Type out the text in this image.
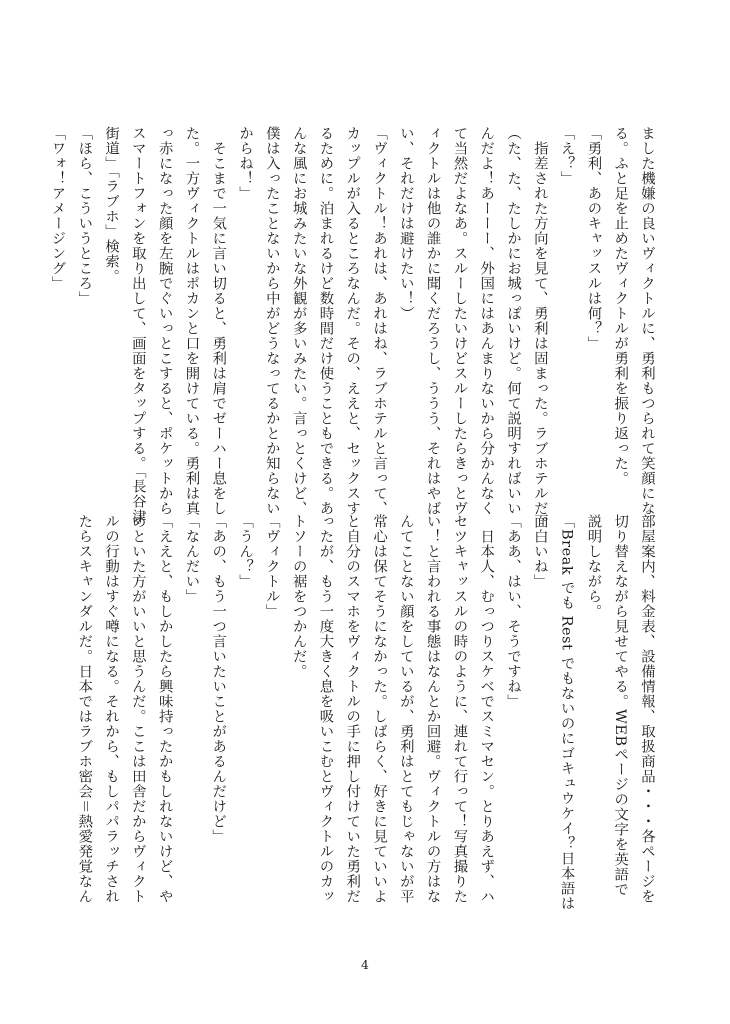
ました機嫌の良いヴィクトルに、勇利もつられて笑顔にな

る。ふと足を止めたヴィクトルが勇利を振り返った。

「勇利、あのキャッスルは何？」

「え？」

　指差された方向を見て、勇利は固まった。ラブホテルだ。

（た、た、たしかにお城っぽいけど。何て説明すればいい

んだよ！あーーー、外国にはあんまりないから分かんなく

て当然だよなあ。スルーしたいけどスルーしたらきっとヴ

ィクトルは他の誰かに聞くだろうし、ううう、それはやば

い、それだけは避けたい！）

「ヴィクトル！あれは、あれはね、ラブホテルと言って、

カップルが入るところなんだ。その、ええと、セックスす

るために。泊まれるけど数時間だけ使うこともできる。あ

んな風にお城みたいな外観が多いみたい。言っとくけど、

僕は入ったことないから中がどうなってるかとか知らない

からね！」

　そこまで一気に言い切ると、勇利は肩でゼーハー息をし

た。一方ヴィクトルはポカンと口を開けている。勇利は真

っ赤になった顔を左腕でぐいっとこすると、ポケットから

スマートフォンを取り出して、画面をタップする。「長谷津

街道」「ラブホ」検索。

「ほら、こういうところ」

「ワォ！アメージング」

部屋案内、料金表、設備情報、取扱商品・・・各ページを

切り替えながら見せてやる。WEBページの文字を英語で

説明しながら。

「Break でも Rest でもないのにゴキュウケイ？日本語は

面白いね」

「ああ、はい、そうですね」

　日本人、むっつりスケベでスミマセン。とりあえず、ハ

セツキャッスルの時のように、連れて行って！写真撮りた

い！と言われる事態はなんとか回避。ヴィクトルの方はな

んてことない顔をしているが、勇利はとてもじゃないが平

常心は保てそうになかった。しばらく、好きに見ていいよ

と自分のスマホをヴィクトルの手に押し付けていた勇利だ

ったが、もう一度大きく息を吸いこむとヴィクトルのカッ

トソーの裾をつかんだ。

「ヴィクトル」

「うん？」

「あの、もう一つ言いたいことがあるんだけど」

「なんだい」

「ええと、もしかしたら興味持ったかもしれないけど、や

めといた方がいいと思うんだ。ここは田舎だからヴィクト

ルの行動はすぐ噂になる。それから、もしパパラッチされ

たらスキャンダルだ。日本ではラブホ密会＝熱愛発覚なん

4
